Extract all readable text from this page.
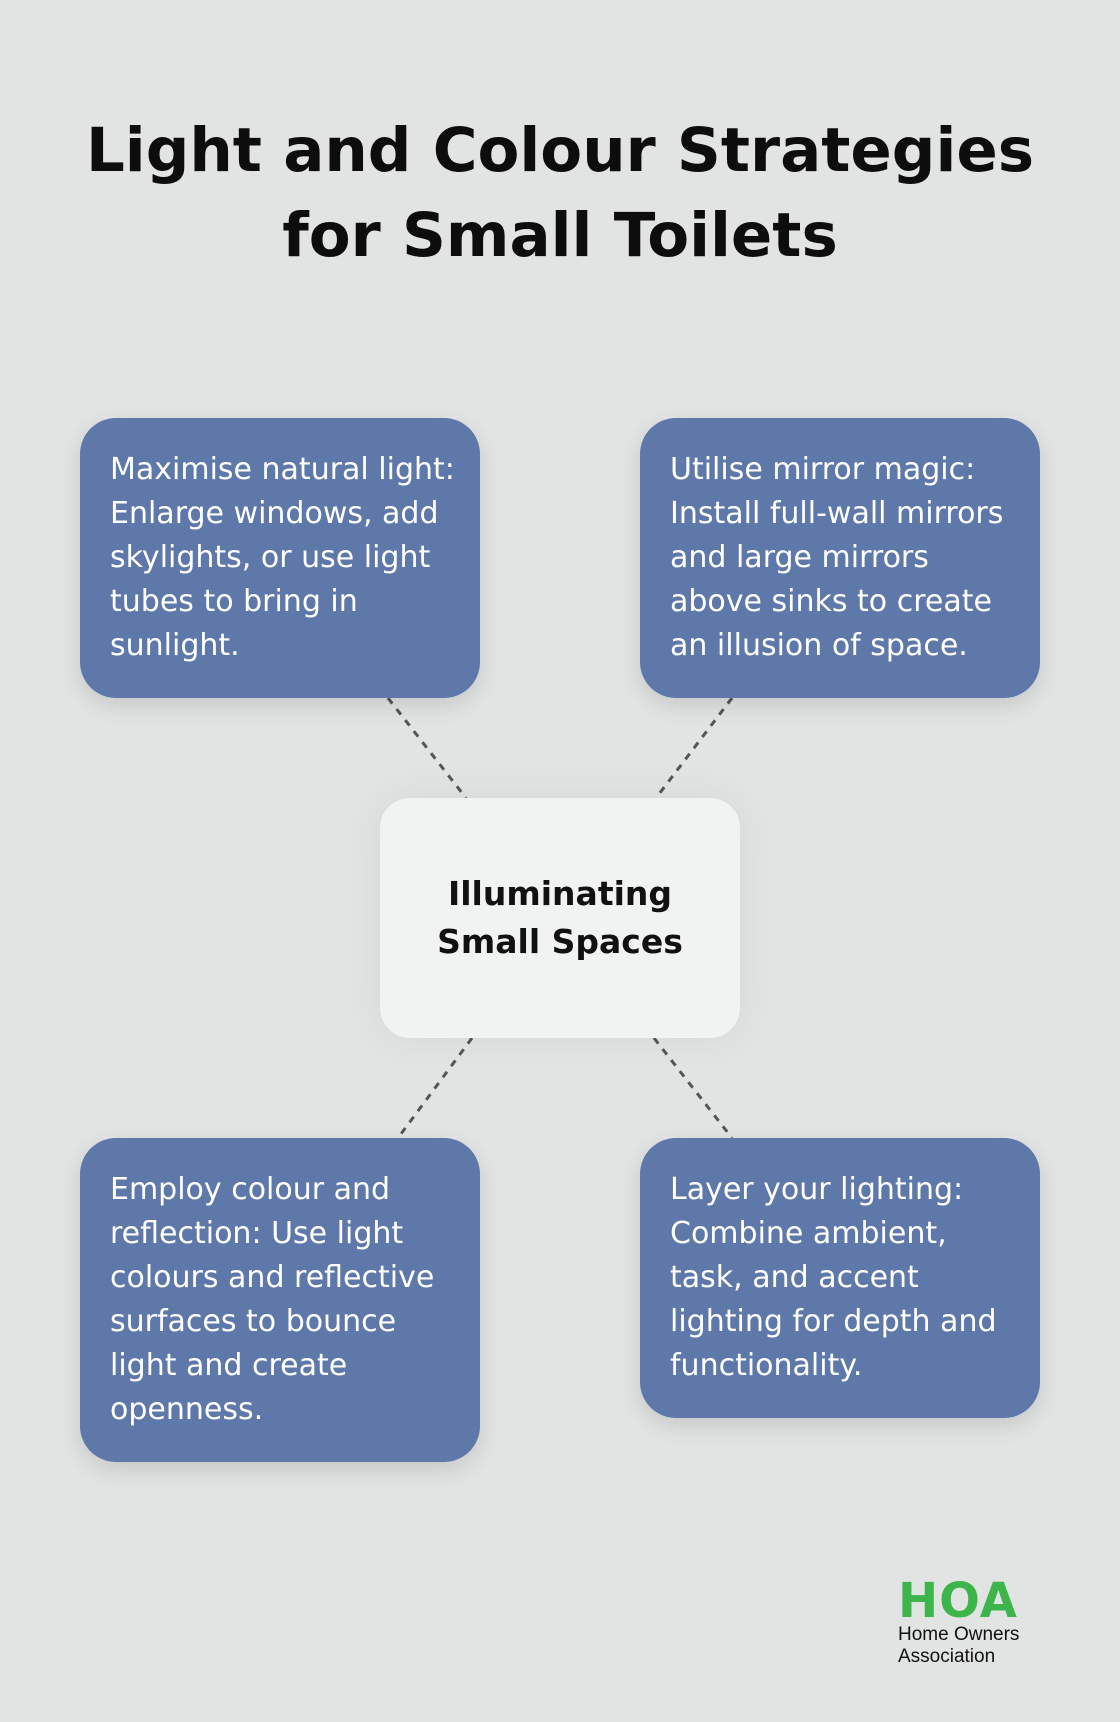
Light and Colour Strategies for Small Toilets
Maximise natural light: Enlarge windows, add skylights, or use light tubes to bring in sunlight.
Utilise mirror magic: Install full-wall mirrors and large mirrors above sinks to create an illusion of space.
Illuminating Small Spaces
Employ colour and reflection: Use light colours and reflective surfaces to bounce light and create openness.
Layer your lighting: Combine ambient, task, and accent lighting for depth and functionality.
HOA
Home Owners
Association
